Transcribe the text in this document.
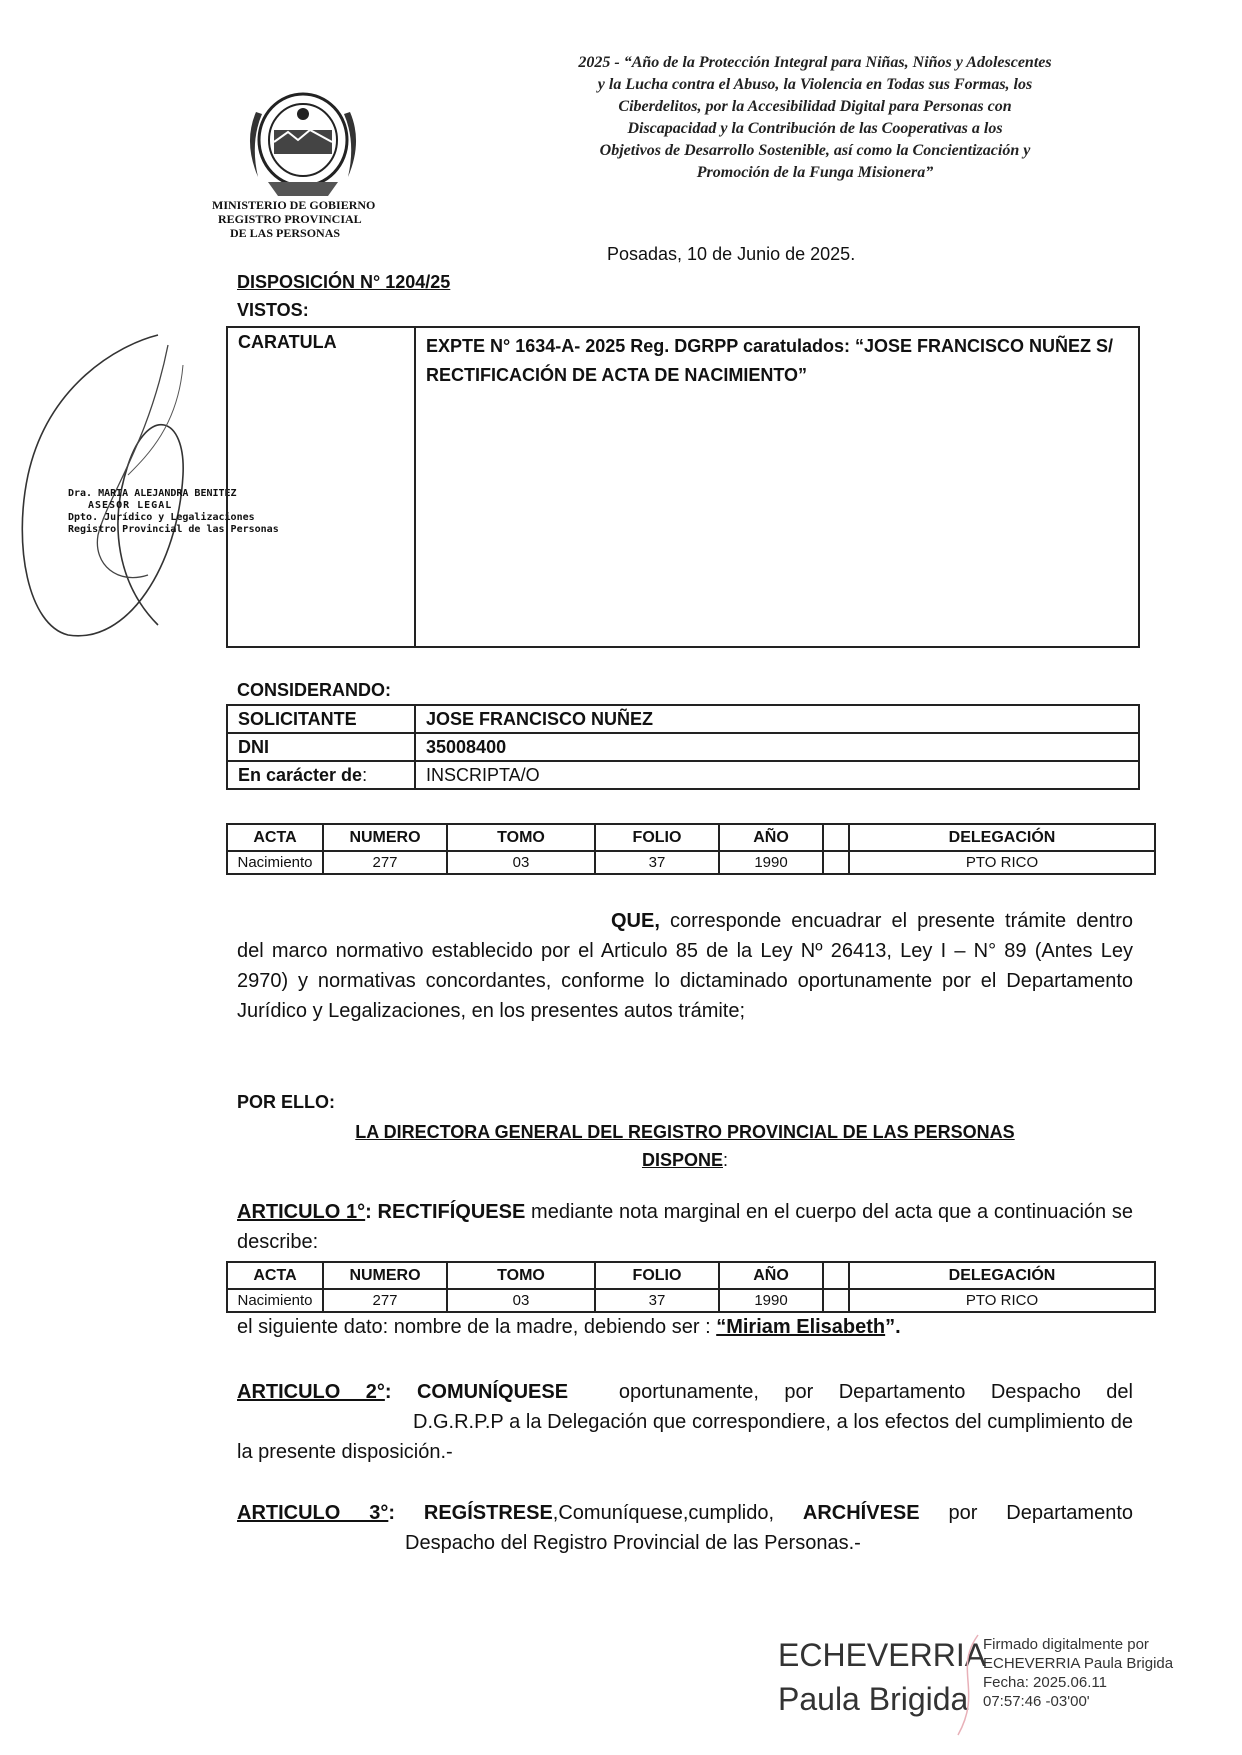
MINISTERIO DE GOBIERNO
REGISTRO PROVINCIAL
DE LAS PERSONAS
2025 - “Año de la Protección Integral para Niñas, Niños y Adolescentes
y la Lucha contra el Abuso, la Violencia en Todas sus Formas, los
Ciberdelitos, por la Accesibilidad Digital para Personas con
Discapacidad y la Contribución de las Cooperativas a los
Objetivos de Desarrollo Sostenible, así como la Concientización y
Promoción de la Funga Misionera”
Posadas, 10 de Junio de 2025.
DISPOSICIÓN N° 1204/25
VISTOS:
Dra. MARIA ALEJANDRA BENITEZ
ASESOR LEGAL
Dpto. Jurídico y Legalizaciones
Registro Provincial de las Personas
CARATULA	EXPTE N° 1634-A- 2025 Reg. DGRPP caratulados: “JOSE FRANCISCO NUÑEZ S/ RECTIFICACIÓN DE ACTA DE NACIMIENTO”
CONSIDERANDO:
SOLICITANTE	JOSE FRANCISCO NUÑEZ
DNI	35008400
En carácter de:	INSCRIPTA/O
ACTA	NUMERO	TOMO	FOLIO	AÑO		DELEGACIÓN
Nacimiento	277	03	37	1990		PTO RICO
QUE, corresponde encuadrar el presente trámite dentro del marco normativo establecido por el Articulo 85 de la Ley Nº 26413, Ley I – N° 89 (Antes Ley 2970) y normativas concordantes, conforme lo dictaminado oportunamente por el Departamento Jurídico y Legalizaciones, en los presentes autos trámite;
POR ELLO:
LA DIRECTORA GENERAL DEL REGISTRO PROVINCIAL DE LAS PERSONAS
DISPONE:
ARTICULO 1°: RECTIFÍQUESE mediante nota marginal en el cuerpo del acta que a continuación se describe:
ACTA	NUMERO	TOMO	FOLIO	AÑO		DELEGACIÓN
Nacimiento	277	03	37	1990		PTO RICO
el siguiente dato: nombre de la madre, debiendo ser : “Miriam Elisabeth”.
ARTICULO 2°: COMUNÍQUESE	oportunamente, por Departamento Despacho del D.G.R.P.P a la Delegación que correspondiere, a los efectos del cumplimiento de la presente disposición.-
ARTICULO 3°: REGÍSTRESE,Comuníquese,cumplido, ARCHÍVESE por Departamento Despacho del Registro Provincial de las Personas.-
ECHEVERRIA
Paula Brigida
Firmado digitalmente por
ECHEVERRIA Paula Brigida
Fecha: 2025.06.11
07:57:46 -03'00'
